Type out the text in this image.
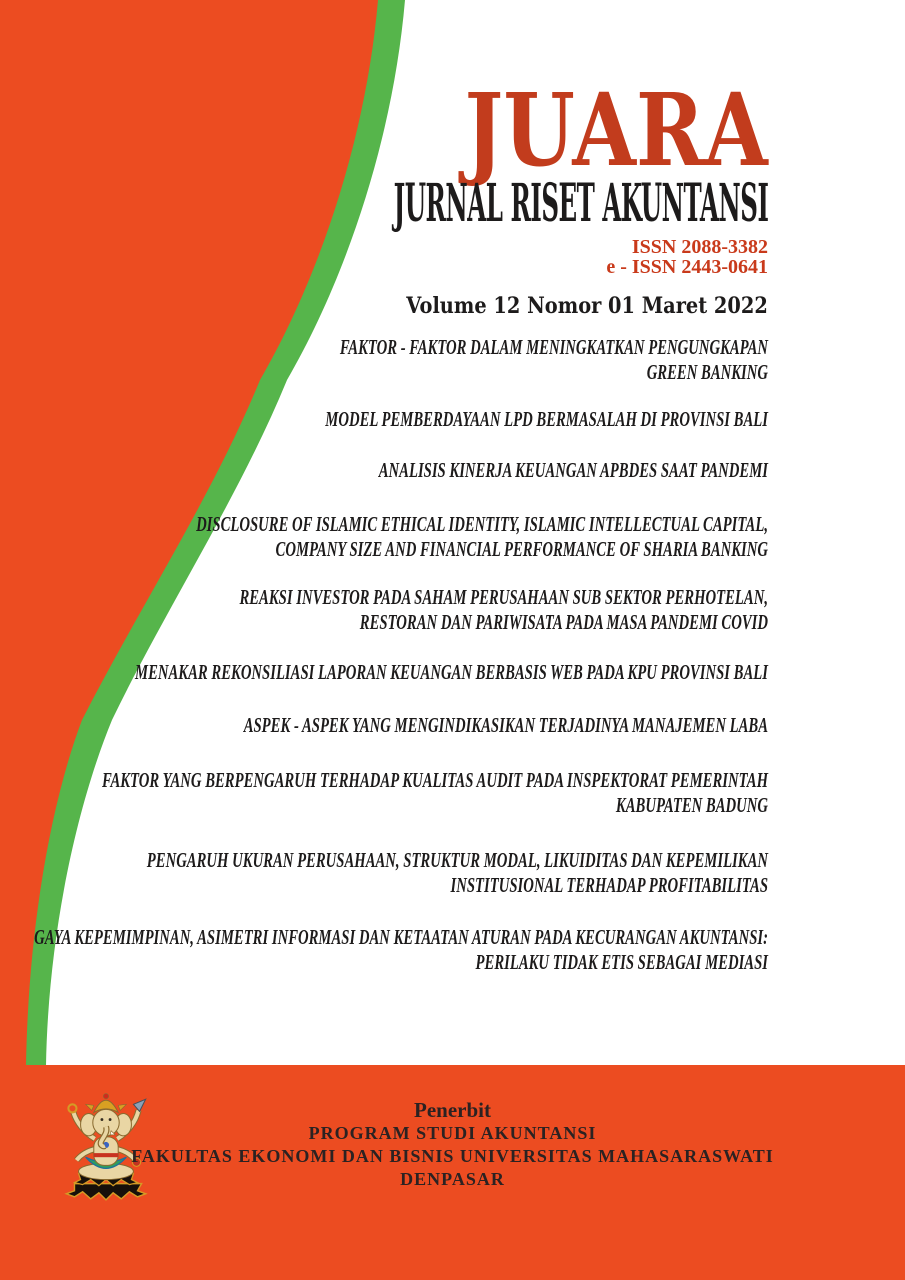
JUARA
JURNAL RISET AKUNTANSI
ISSN 2088-3382
e - ISSN 2443-0641
Volume 12 Nomor 01 Maret 2022
FAKTOR - FAKTOR DALAM MENINGKATKAN PENGUNGKAPAN
GREEN BANKING
MODEL PEMBERDAYAAN LPD BERMASALAH DI PROVINSI BALI
ANALISIS KINERJA KEUANGAN APBDES SAAT PANDEMI
DISCLOSURE OF ISLAMIC ETHICAL IDENTITY, ISLAMIC INTELLECTUAL CAPITAL,
COMPANY SIZE AND FINANCIAL PERFORMANCE OF SHARIA BANKING
REAKSI INVESTOR PADA SAHAM PERUSAHAAN SUB SEKTOR PERHOTELAN,
RESTORAN DAN PARIWISATA PADA MASA PANDEMI COVID
MENAKAR REKONSILIASI LAPORAN KEUANGAN BERBASIS WEB PADA KPU PROVINSI BALI
ASPEK - ASPEK YANG MENGINDIKASIKAN TERJADINYA MANAJEMEN LABA
FAKTOR YANG BERPENGARUH TERHADAP KUALITAS AUDIT PADA INSPEKTORAT PEMERINTAH
KABUPATEN BADUNG
PENGARUH UKURAN PERUSAHAAN, STRUKTUR MODAL, LIKUIDITAS DAN KEPEMILIKAN
INSTITUSIONAL TERHADAP PROFITABILITAS
GAYA KEPEMIMPINAN, ASIMETRI INFORMASI DAN KETAATAN ATURAN PADA KECURANGAN AKUNTANSI:
PERILAKU TIDAK ETIS SEBAGAI MEDIASI
Penerbit
PROGRAM STUDI AKUNTANSI
FAKULTAS EKONOMI DAN BISNIS UNIVERSITAS MAHASARASWATI
DENPASAR
